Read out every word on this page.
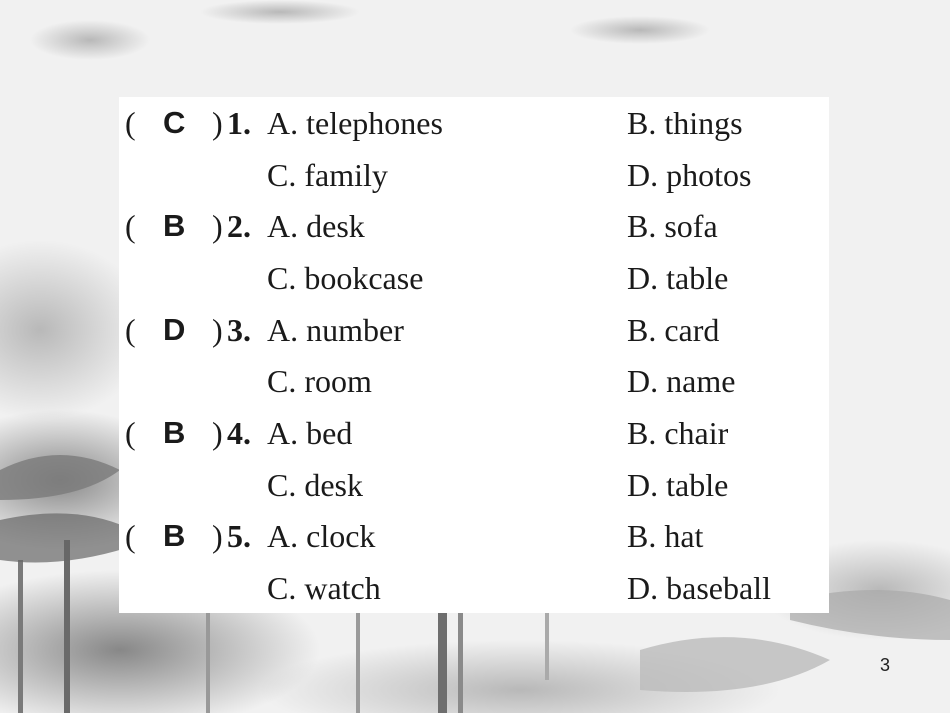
( C ) 1. A. telephones	B. things
C. family	D. photos
( B ) 2. A. desk	B. sofa
C. bookcase	D. table
( D ) 3. A. number	B. card
C. room	D. name
( B ) 4. A. bed	B. chair
C. desk	D. table
( B ) 5. A. clock	B. hat
C. watch	D. baseball
3
